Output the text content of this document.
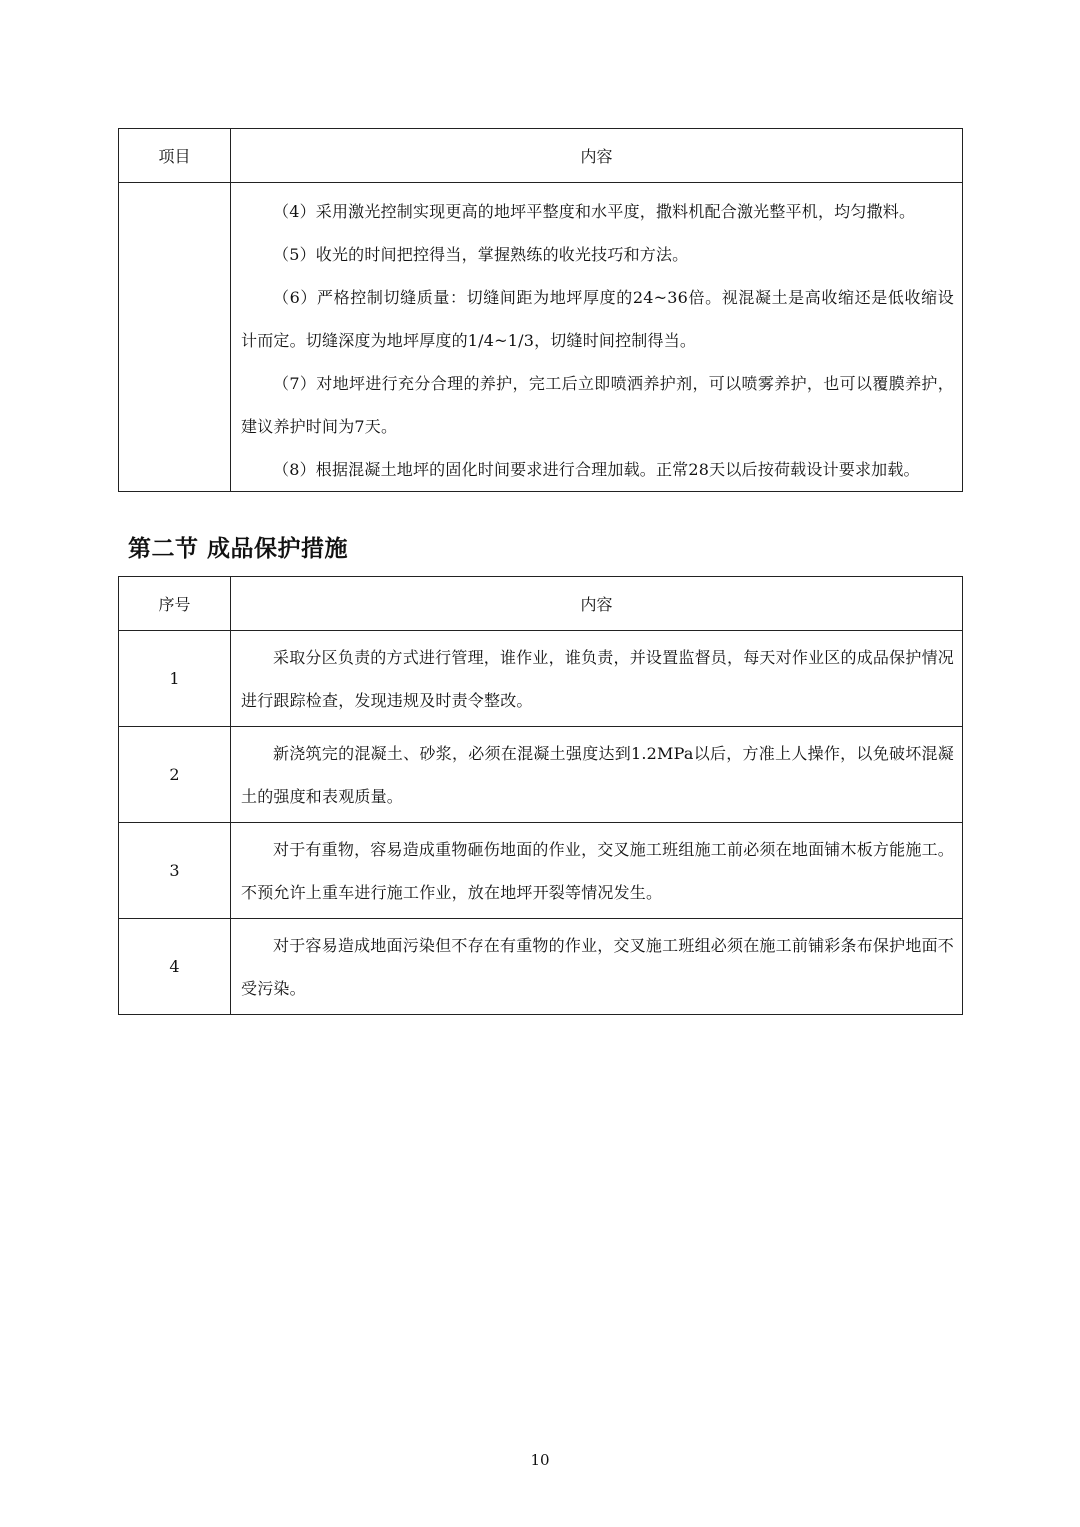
项目	内容

	（4）采用激光控制实现更高的地坪平整度和水平度，撒料机配合激光整平机，均匀撒料。

（5）收光的时间把控得当，掌握熟练的收光技巧和方法。

（6）严格控制切缝质量：切缝间距为地坪厚度的24~36倍。视混凝土是高收缩还是低收缩设计而定。切缝深度为地坪厚度的1/4~1/3，切缝时间控制得当。

（7）对地坪进行充分合理的养护，完工后立即喷洒养护剂，可以喷雾养护，也可以覆膜养护，建议养护时间为7天。

（8）根据混凝土地坪的固化时间要求进行合理加载。正常28天以后按荷载设计要求加载。

第二节 成品保护措施
序号	内容
1	采取分区负责的方式进行管理，谁作业，谁负责，并设置监督员，每天对作业区的成品保护情况进行跟踪检查，发现违规及时责令整改。

2	新浇筑完的混凝土、砂浆，必须在混凝土强度达到1.2MPa以后，方准上人操作，以免破坏混凝土的强度和表观质量。

3	对于有重物，容易造成重物砸伤地面的作业，交叉施工班组施工前必须在地面铺木板方能施工。不预允许上重车进行施工作业，放在地坪开裂等情况发生。

4	对于容易造成地面污染但不存在有重物的作业，交叉施工班组必须在施工前铺彩条布保护地面不受污染。

10
